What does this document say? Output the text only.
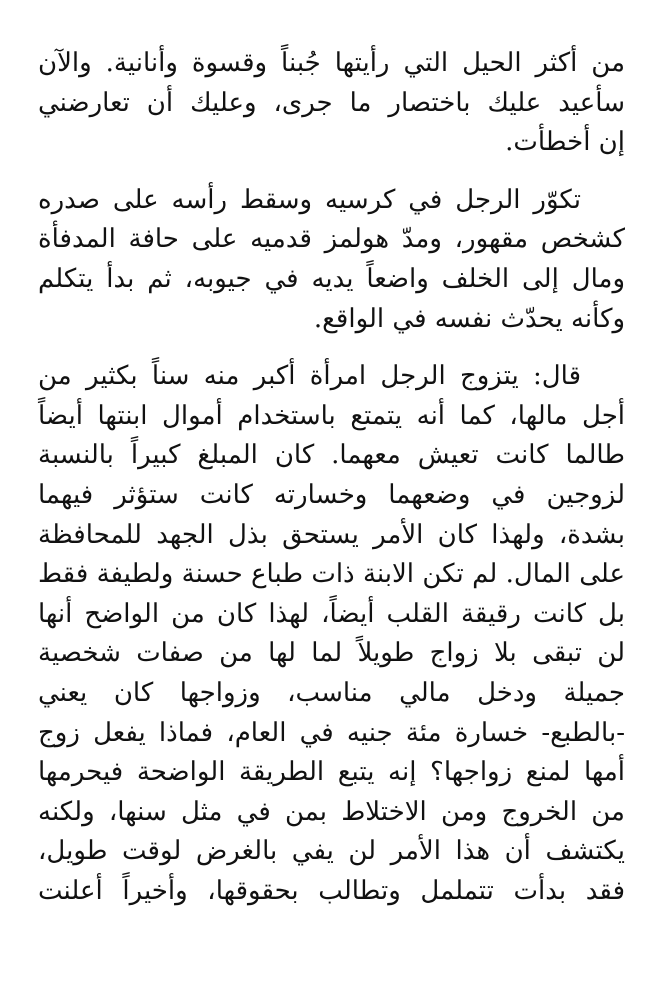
من أكثر الحيل التي رأيتها جُبناً وقسوة وأنانية. والآن
سأعيد عليك باختصار ما جرى، وعليك أن تعارضني
إن أخطأت.
تكوّر الرجل في كرسيه وسقط رأسه على صدره
كشخص مقهور، ومدّ هولمز قدميه على حافة المدفأة
ومال إلى الخلف واضعاً يديه في جيوبه، ثم بدأ يتكلم
وكأنه يحدّث نفسه في الواقع.
قال: يتزوج الرجل امرأة أكبر منه سناً بكثير من
أجل مالها، كما أنه يتمتع باستخدام أموال ابنتها أيضاً
طالما كانت تعيش معهما. كان المبلغ كبيراً بالنسبة
لزوجين في وضعهما وخسارته كانت ستؤثر فيهما
بشدة، ولهذا كان الأمر يستحق بذل الجهد للمحافظة
على المال. لم تكن الابنة ذات طباع حسنة ولطيفة فقط
بل كانت رقيقة القلب أيضاً، لهذا كان من الواضح أنها
لن تبقى بلا زواج طويلاً لما لها من صفات شخصية
جميلة ودخل مالي مناسب، وزواجها كان يعني
-بالطبع- خسارة مئة جنيه في العام، فماذا يفعل زوج
أمها لمنع زواجها؟ إنه يتبع الطريقة الواضحة فيحرمها
من الخروج ومن الاختلاط بمن في مثل سنها، ولكنه
يكتشف أن هذا الأمر لن يفي بالغرض لوقت طويل،
فقد بدأت تتململ وتطالب بحقوقها، وأخيراً أعلنت
